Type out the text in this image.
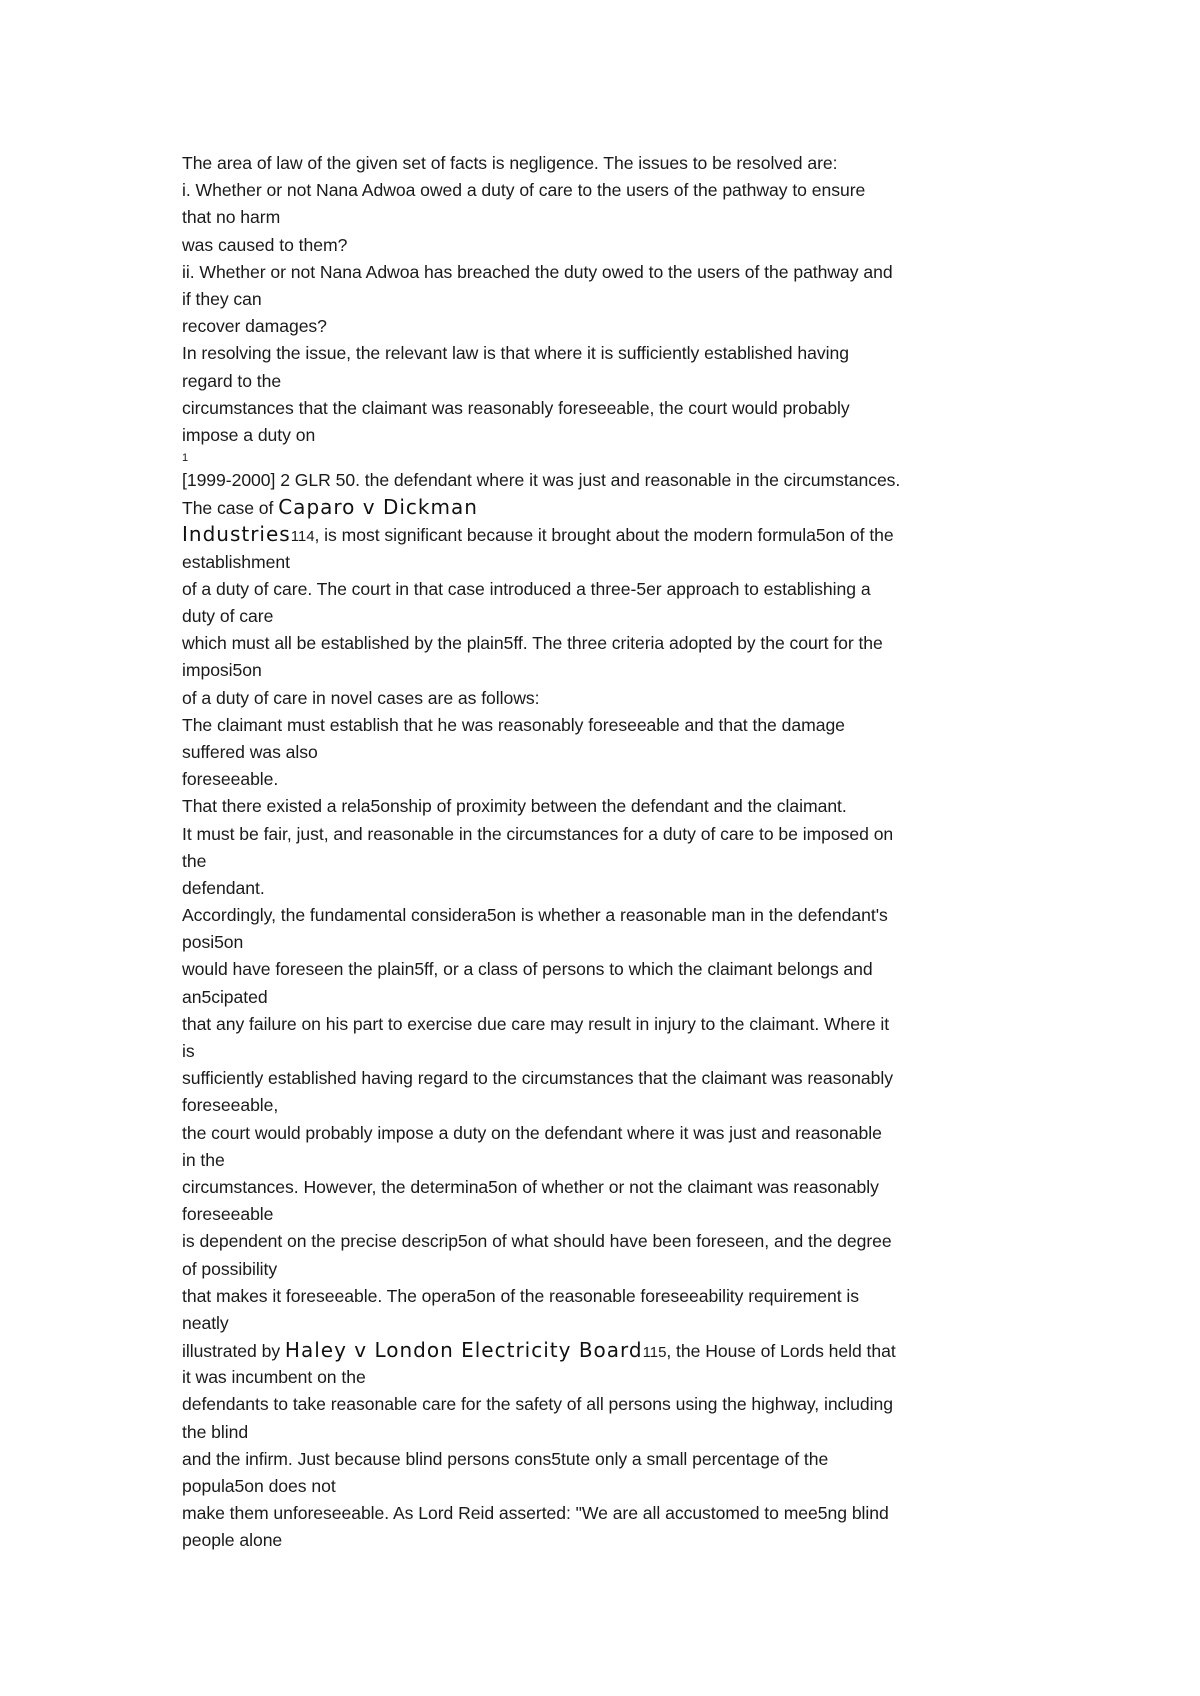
The area of law of the given set of facts is negligence. The issues to be resolved are:

i. Whether or not Nana Adwoa owed a duty of care to the users of the pathway to ensure

that no harm

was caused to them?

ii. Whether or not Nana Adwoa has breached the duty owed to the users of the pathway and

if they can

recover damages?

In resolving the issue, the relevant law is that where it is sufficiently established having

regard to the

circumstances that the claimant was reasonably foreseeable, the court would probably

impose a duty on

1

[1999-2000] 2 GLR 50. the defendant where it was just and reasonable in the circumstances.

The case of Caparo v Dickman

Industries114, is most significant because it brought about the modern formula5on of the

establishment

of a duty of care. The court in that case introduced a three-5er approach to establishing a

duty of care

which must all be established by the plain5ff. The three criteria adopted by the court for the

imposi5on

of a duty of care in novel cases are as follows:

The claimant must establish that he was reasonably foreseeable and that the damage

suffered was also

foreseeable.

That there existed a rela5onship of proximity between the defendant and the claimant.

It must be fair, just, and reasonable in the circumstances for a duty of care to be imposed on

the

defendant.

Accordingly, the fundamental considera5on is whether a reasonable man in the defendant's

posi5on

would have foreseen the plain5ff, or a class of persons to which the claimant belongs and

an5cipated

that any failure on his part to exercise due care may result in injury to the claimant. Where it

is

sufficiently established having regard to the circumstances that the claimant was reasonably

foreseeable,

the court would probably impose a duty on the defendant where it was just and reasonable

in the

circumstances. However, the determina5on of whether or not the claimant was reasonably

foreseeable

is dependent on the precise descrip5on of what should have been foreseen, and the degree

of possibility

that makes it foreseeable. The opera5on of the reasonable foreseeability requirement is

neatly

illustrated by Haley v London Electricity Board115, the House of Lords held that

it was incumbent on the

defendants to take reasonable care for the safety of all persons using the highway, including

the blind

and the infirm. Just because blind persons cons5tute only a small percentage of the

popula5on does not

make them unforeseeable. As Lord Reid asserted: "We are all accustomed to mee5ng blind

people alone
